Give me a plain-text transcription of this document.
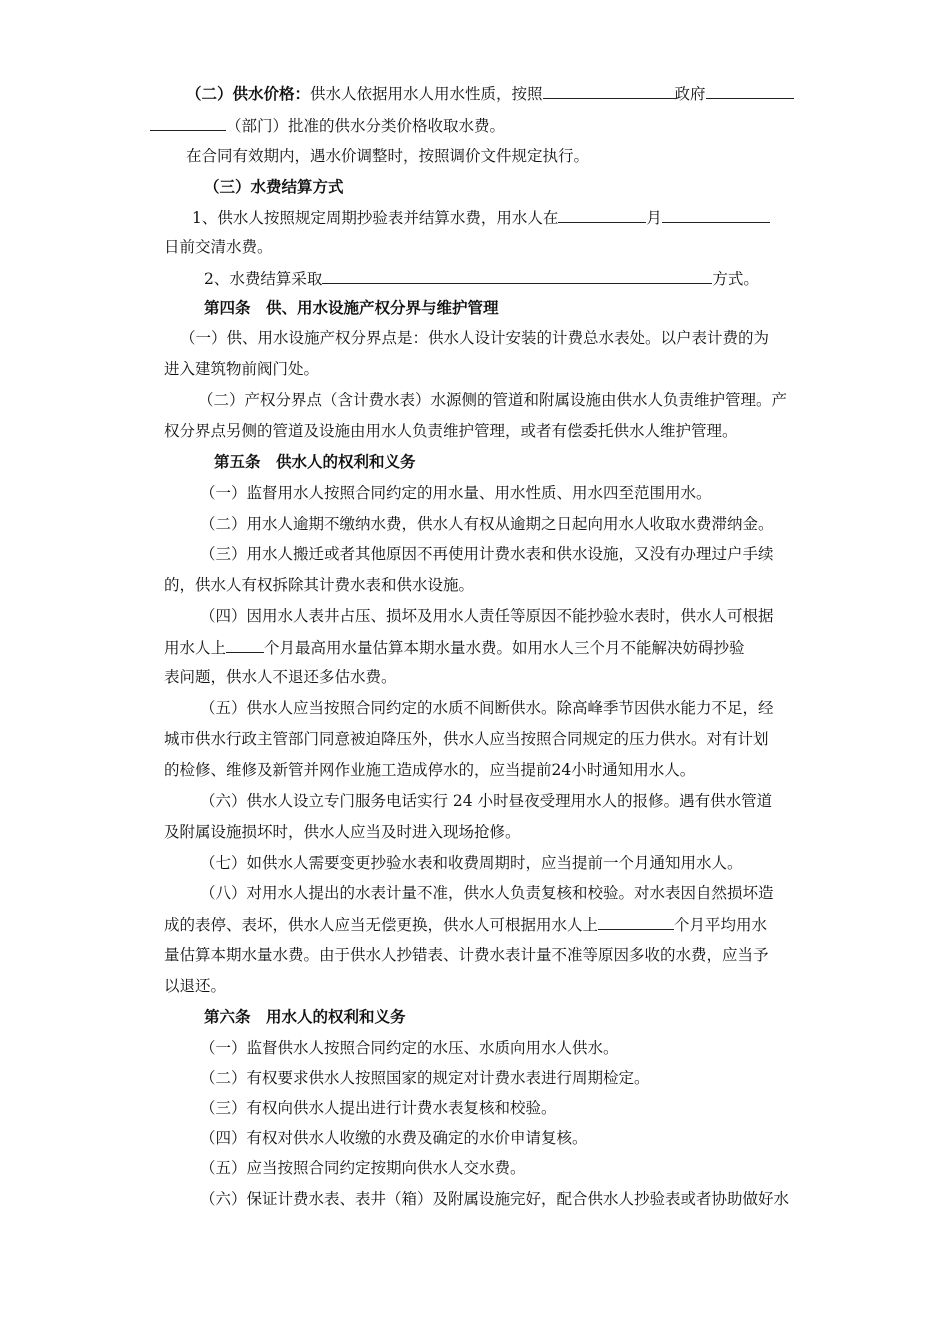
（二）供水价格：供水人依据用水人用水性质，按照	政府
（部门）批准的供水分类价格收取水费。
在合同有效期内，遇水价调整时，按照调价文件规定执行。
（三）水费结算方式
1、供水人按照规定周期抄验表并结算水费，用水人在	月
日前交清水费。
2、水费结算采取	方式。
第四条　供、用水设施产权分界与维护管理
（一）供、用水设施产权分界点是：供水人设计安装的计费总水表处。以户表计费的为
进入建筑物前阀门处。
（二）产权分界点（含计费水表）水源侧的管道和附属设施由供水人负责维护管理。产
权分界点另侧的管道及设施由用水人负责维护管理，或者有偿委托供水人维护管理。
第五条　供水人的权利和义务
（一）监督用水人按照合同约定的用水量、用水性质、用水四至范围用水。
（二）用水人逾期不缴纳水费，供水人有权从逾期之日起向用水人收取水费滞纳金。
（三）用水人搬迁或者其他原因不再使用计费水表和供水设施，又没有办理过户手续
的，供水人有权拆除其计费水表和供水设施。
（四）因用水人表井占压、损坏及用水人责任等原因不能抄验水表时，供水人可根据
用水人上 个月最高用水量估算本期水量水费。如用水人三个月不能解决妨碍抄验
表问题，供水人不退还多估水费。
（五）供水人应当按照合同约定的水质不间断供水。除高峰季节因供水能力不足，经
城市供水行政主管部门同意被迫降压外，供水人应当按照合同规定的压力供水。对有计划
的检修、维修及新管并网作业施工造成停水的，应当提前24小时通知用水人。
（六）供水人设立专门服务电话实行 24 小时昼夜受理用水人的报修。遇有供水管道
及附属设施损坏时，供水人应当及时进入现场抢修。
（七）如供水人需要变更抄验水表和收费周期时，应当提前一个月通知用水人。
（八）对用水人提出的水表计量不准，供水人负责复核和校验。对水表因自然损坏造
成的表停、表坏，供水人应当无偿更换，供水人可根据用水人上	个月平均用水
量估算本期水量水费。由于供水人抄错表、计费水表计量不准等原因多收的水费，应当予
以退还。
第六条　用水人的权利和义务
（一）监督供水人按照合同约定的水压、水质向用水人供水。
（二）有权要求供水人按照国家的规定对计费水表进行周期检定。
（三）有权向供水人提出进行计费水表复核和校验。
（四）有权对供水人收缴的水费及确定的水价申请复核。
（五）应当按照合同约定按期向供水人交水费。
（六）保证计费水表、表井（箱）及附属设施完好，配合供水人抄验表或者协助做好水
